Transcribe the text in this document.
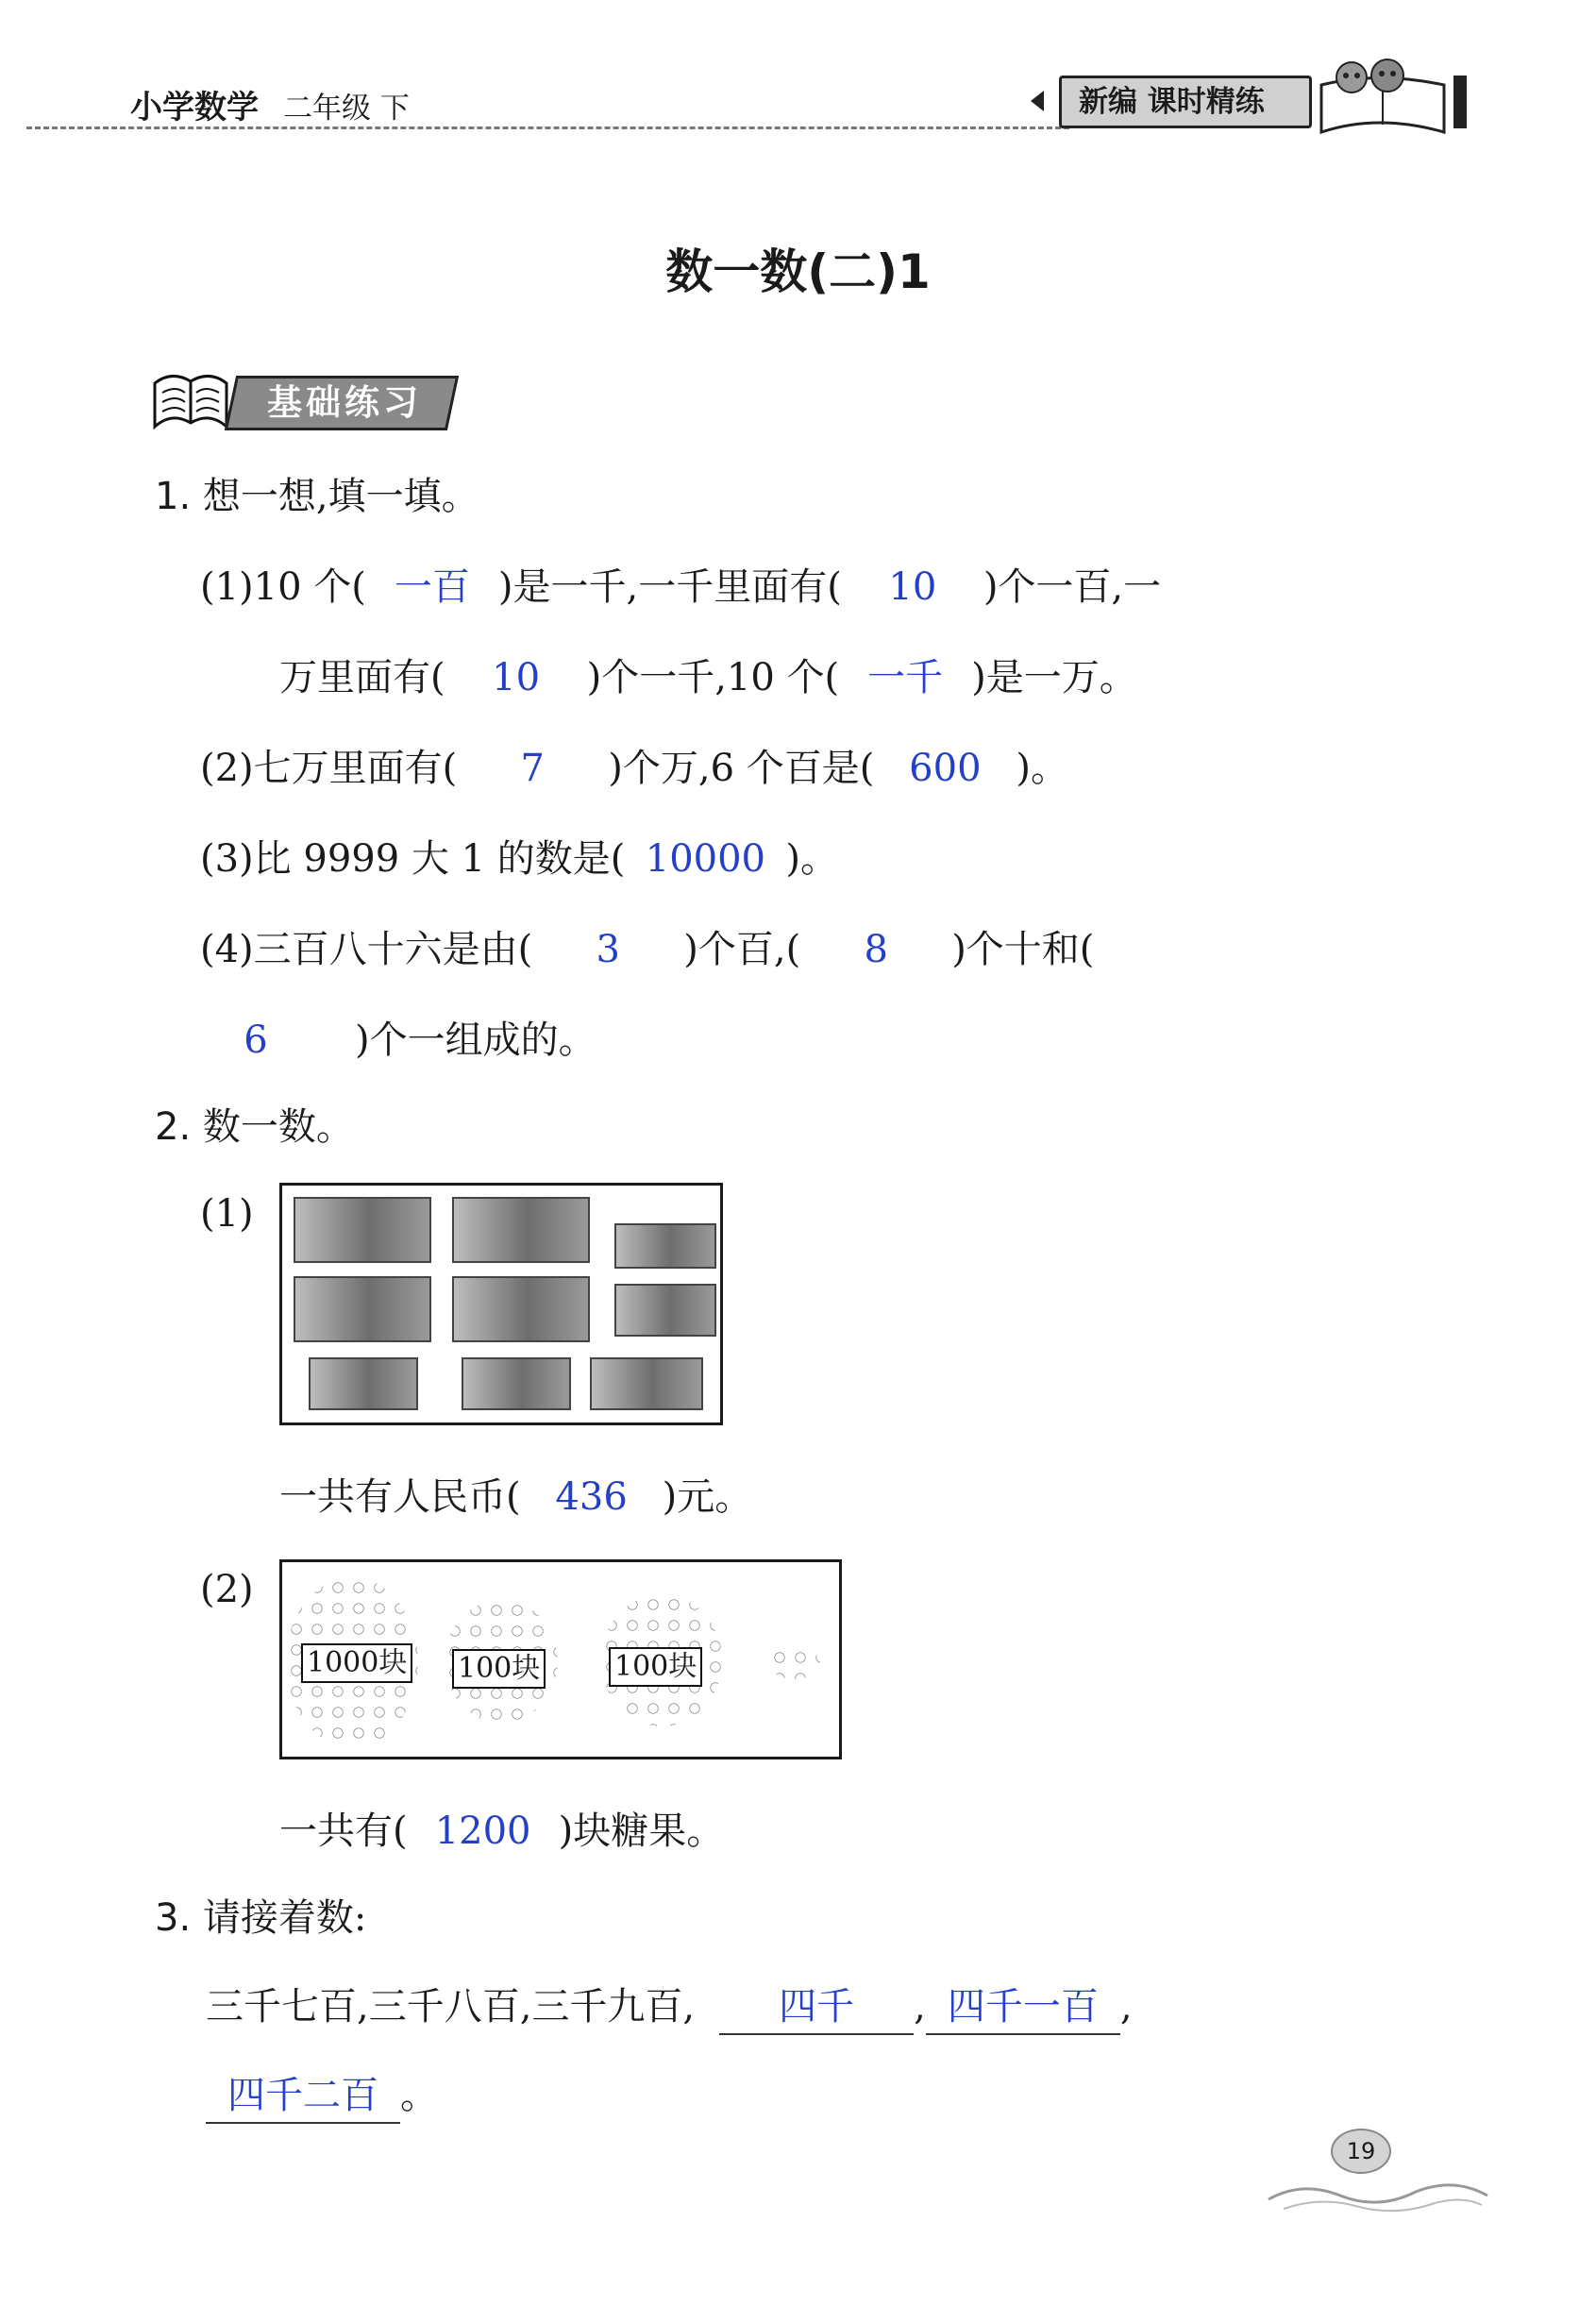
小学数学 二年级 下	新编 课时精练
数一数(二)1
基础练习
1. 想一想,填一填。
(1)10 个( 一百 )是一千,一千里面有( 10 )个一百,一
万里面有( 10 )个一千,10 个( 一千 )是一万。
(2)七万里面有( 7 )个万,6 个百是( 600 )。
(3)比 9999 大 1 的数是( 10000 )。
(4)三百八十六是由( 3 )个百,( 8 )个十和(
6 )个一组成的。
2. 数一数。
(1)
一共有人民币( 436 )元。
(2)
1000块 100块	100块
一共有( 1200 )块糖果。
3. 请接着数:
三千七百,三千八百,三千九百, 四千 , 四千一百 ,
四千二百 。
19
